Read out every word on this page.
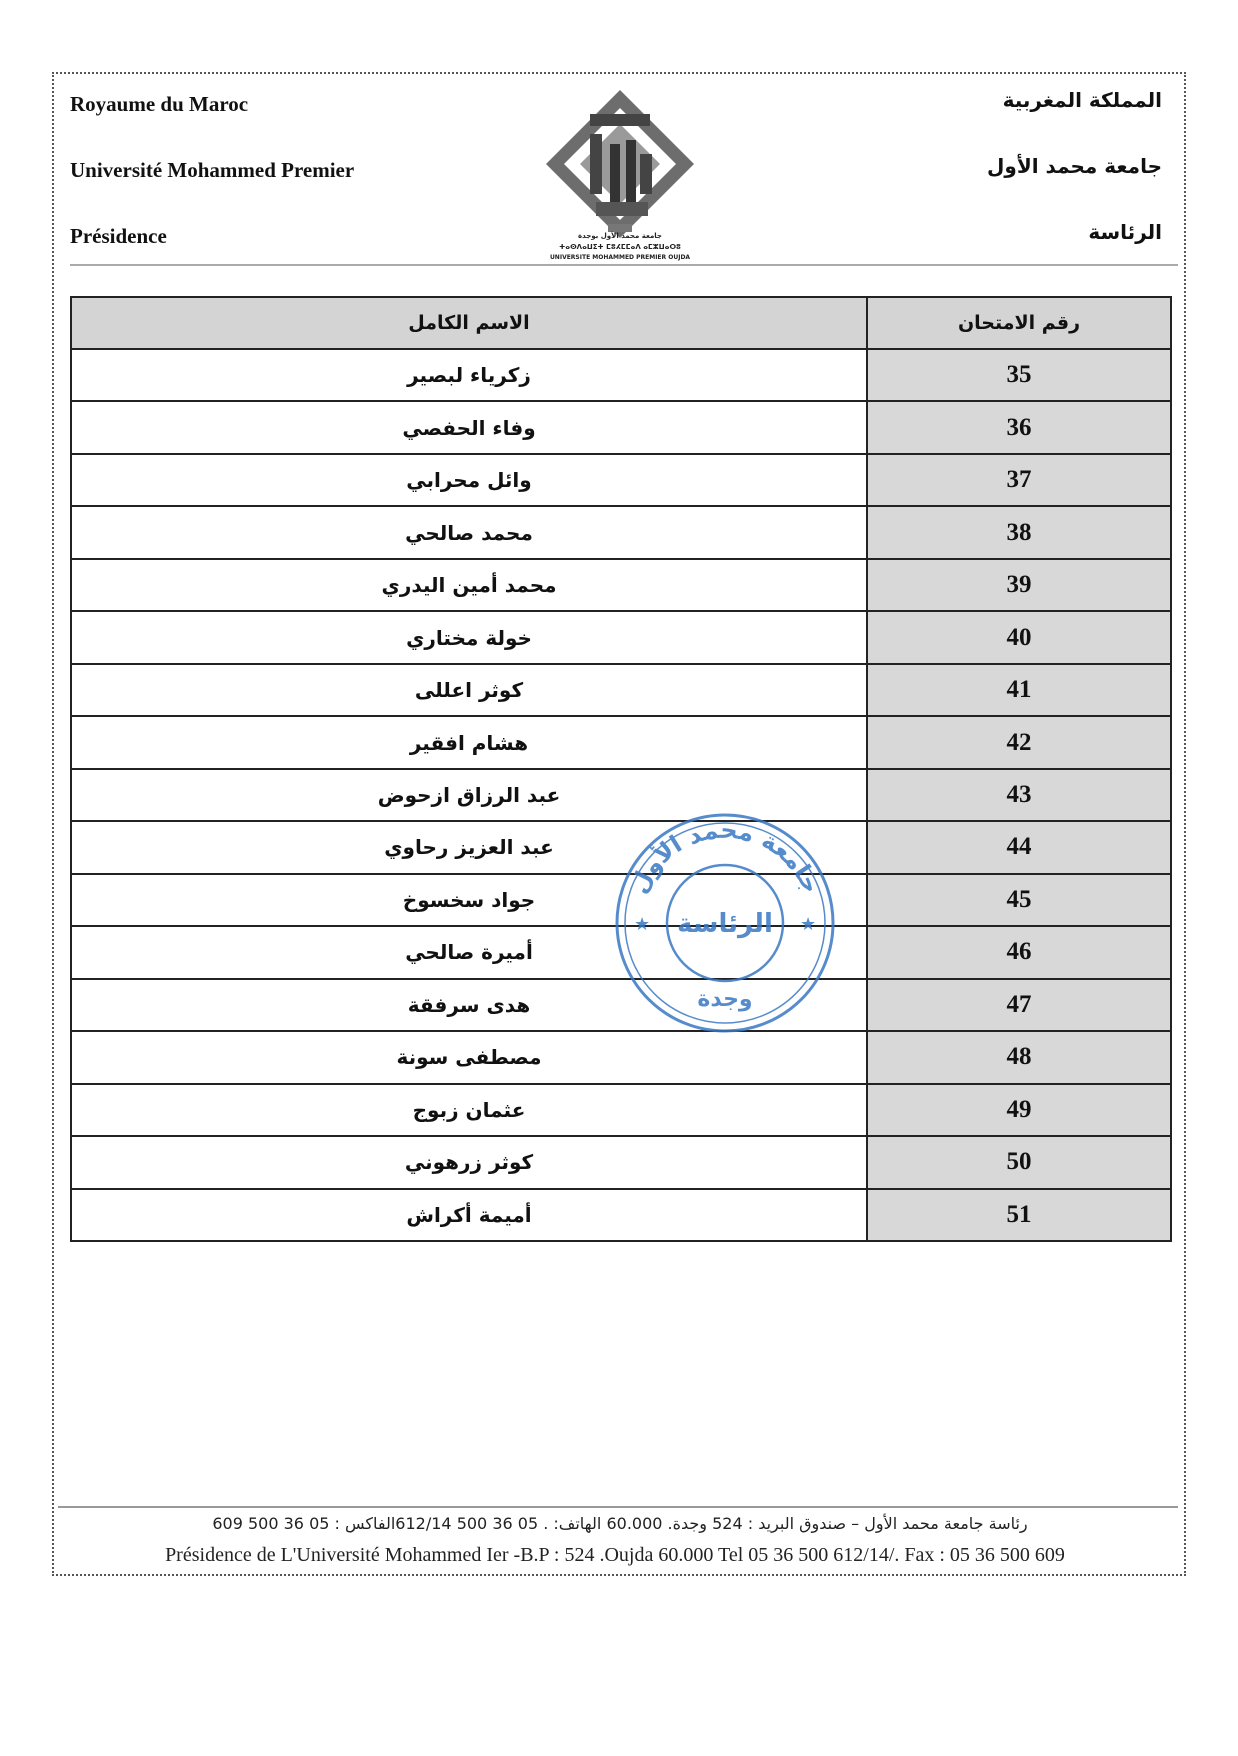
Royaume du Maroc
Université Mohammed Premier
Présidence
المملكة المغربية
جامعة محمد الأول
الرئاسة
جامعة محمد الأول بوجدة
ⵜⴰⵙⴷⴰⵡⵉⵜ ⵎⵓⵃⵎⵎⴰⴷ ⴰⵎⵣⵡⴰⵔⵓ
UNIVERSITE MOHAMMED PREMIER OUJDA
الاسم الكامل	رقم الامتحان
زكرياء لبصير	35
وفاء الحفصي	36
وائل محرابي	37
محمد صالحي	38
محمد أمين اليدري	39
خولة مختاري	40
كوثر اعللى	41
هشام افقير	42
عبد الرزاق ازحوض	43
عبد العزيز رحاوي	44
جواد سخسوخ	45
أميرة صالحي	46
هدى سرفقة	47
مصطفى سونة	48
عثمان زبوج	49
كوثر زرهوني	50
أميمة أكراش	51
جامعة محمد الأول
الرئاسة
وجدة
★	★
رئاسة جامعة محمد الأول – صندوق البريد : 524 وجدة. 60.000 الهاتف: . 05 36 500 612/14الفاكس : 05 36 500 609
Présidence de L'Université Mohammed Ier -B.P : 524 .Oujda 60.000 Tel 05 36 500 612/14/. Fax : 05 36 500 609
